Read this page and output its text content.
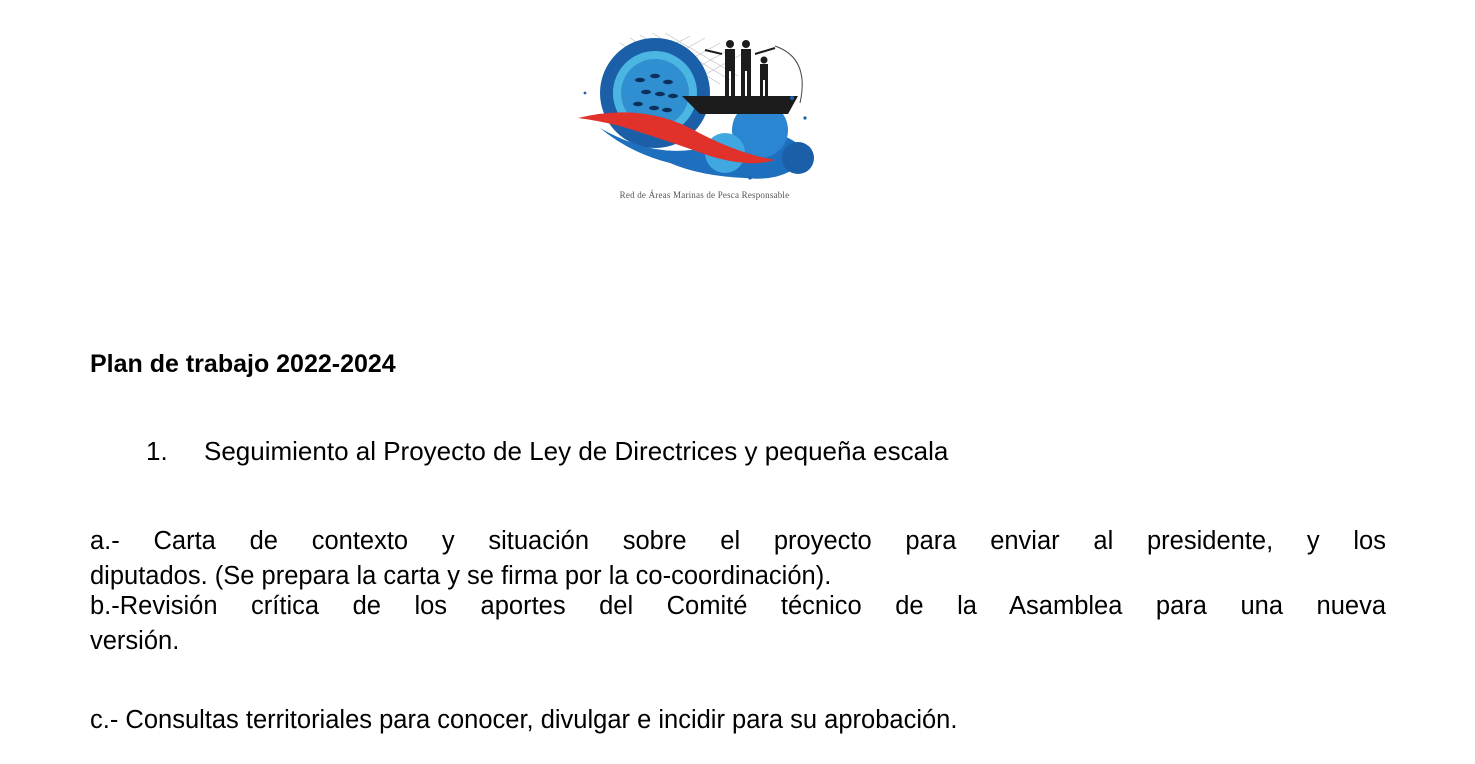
Red de Áreas Marinas de Pesca Responsable
Plan de trabajo 2022-2024
1. Seguimiento al Proyecto de Ley de Directrices y pequeña escala
a.- Carta de contexto y situación sobre el proyecto para enviar al presidente, y los
diputados. (Se prepara la carta y se firma por la co-coordinación).
b.-Revisión crítica de los aportes del Comité técnico de la Asamblea para una nueva
versión.
c.- Consultas territoriales para conocer, divulgar e incidir para su aprobación.
